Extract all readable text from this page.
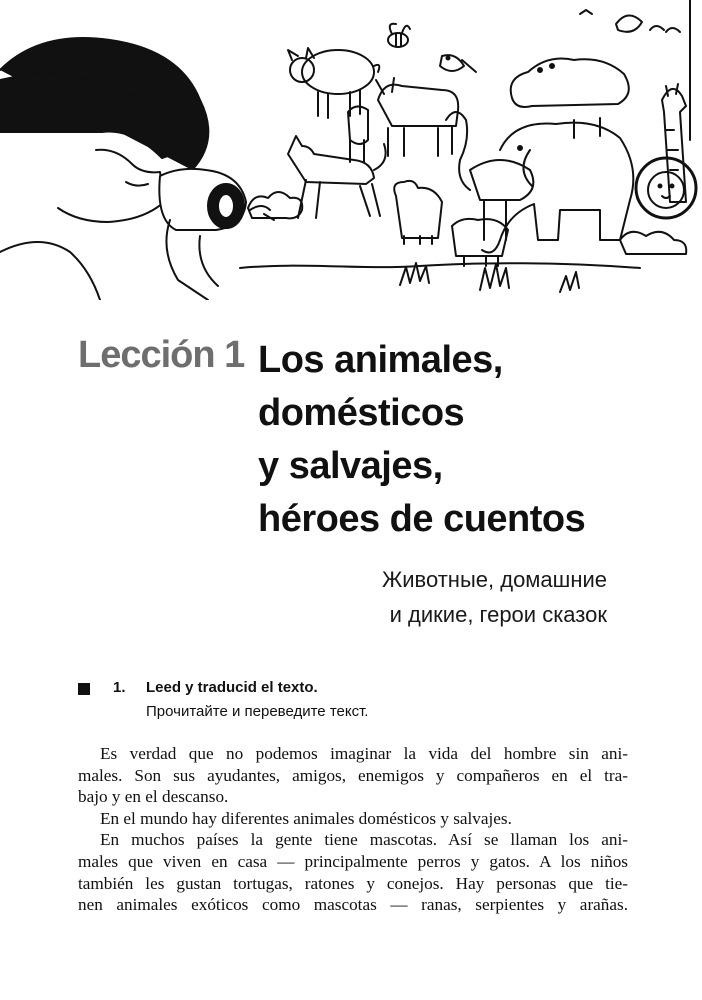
Lección 1 Los animales,
domésticos
y salvajes,
héroes de cuentos
Животные, домашние
и дикие, герои сказок
1. Leed y traducid el texto.
Прочитайте и переведите текст.
Es verdad que no podemos imaginar la vida del hombre sin ani-
males. Son sus ayudantes, amigos, enemigos y compañeros en el tra-
bajo y en el descanso.
En el mundo hay diferentes animales domésticos y salvajes.
En muchos países la gente tiene mascotas. Así se llaman los ani-
males que viven en casa — principalmente perros y gatos. A los niños
también les gustan tortugas, ratones y conejos. Hay personas que tie-
nen animales exóticos como mascotas — ranas, serpientes y arañas.
